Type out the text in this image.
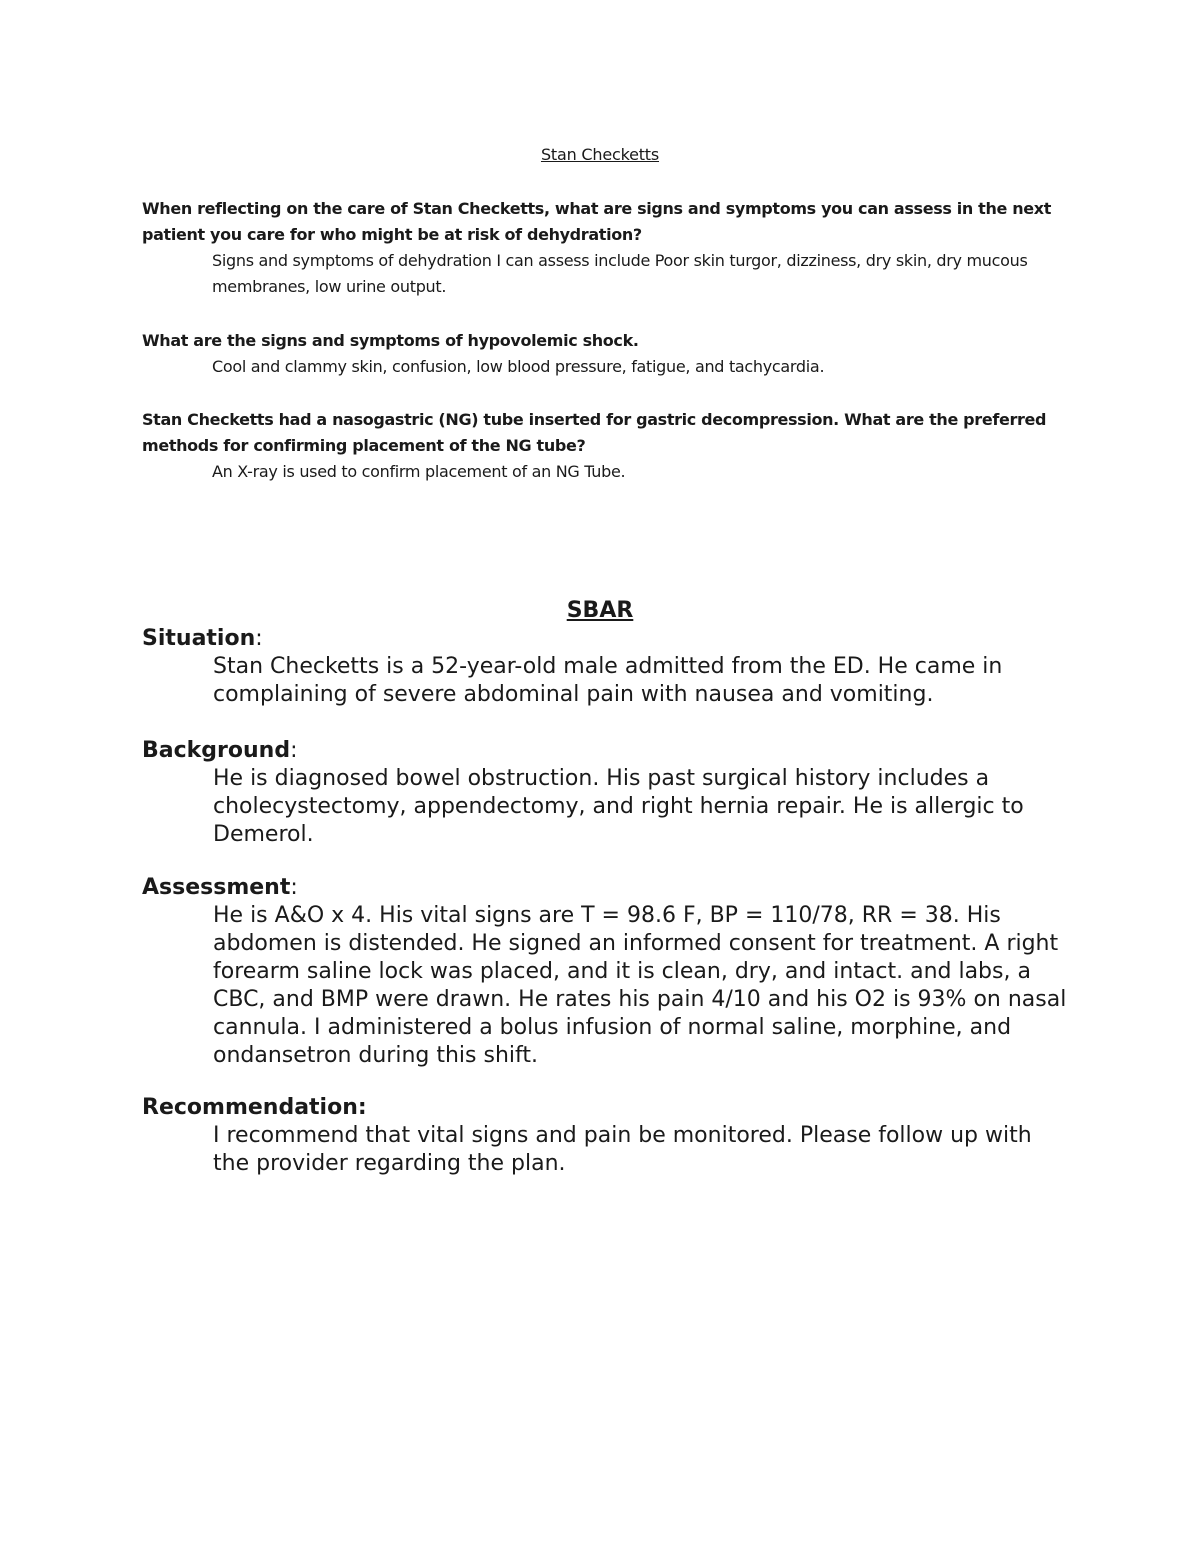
Stan Checketts
When reflecting on the care of Stan Checketts, what are signs and symptoms you can assess in the next patient you care for who might be at risk of dehydration?
Signs and symptoms of dehydration I can assess include Poor skin turgor, dizziness, dry skin, dry mucous membranes, low urine output.
What are the signs and symptoms of hypovolemic shock.
Cool and clammy skin, confusion, low blood pressure, fatigue, and tachycardia.
Stan Checketts had a nasogastric (NG) tube inserted for gastric decompression. What are the preferred methods for confirming placement of the NG tube?
An X-ray is used to confirm placement of an NG Tube.
SBAR
Situation:
Stan Checketts is a 52-year-old male admitted from the ED. He came in complaining of severe abdominal pain with nausea and vomiting.
Background:
He is diagnosed bowel obstruction. His past surgical history includes a cholecystectomy, appendectomy, and right hernia repair. He is allergic to Demerol.
Assessment:
He is A&O x 4. His vital signs are T = 98.6 F, BP = 110/78, RR = 38. His abdomen is distended. He signed an informed consent for treatment. A right forearm saline lock was placed, and it is clean, dry, and intact. and labs, a CBC, and BMP were drawn. He rates his pain 4/10 and his O2 is 93% on nasal cannula. I administered a bolus infusion of normal saline, morphine, and ondansetron during this shift.
Recommendation:
I recommend that vital signs and pain be monitored. Please follow up with the provider regarding the plan.
